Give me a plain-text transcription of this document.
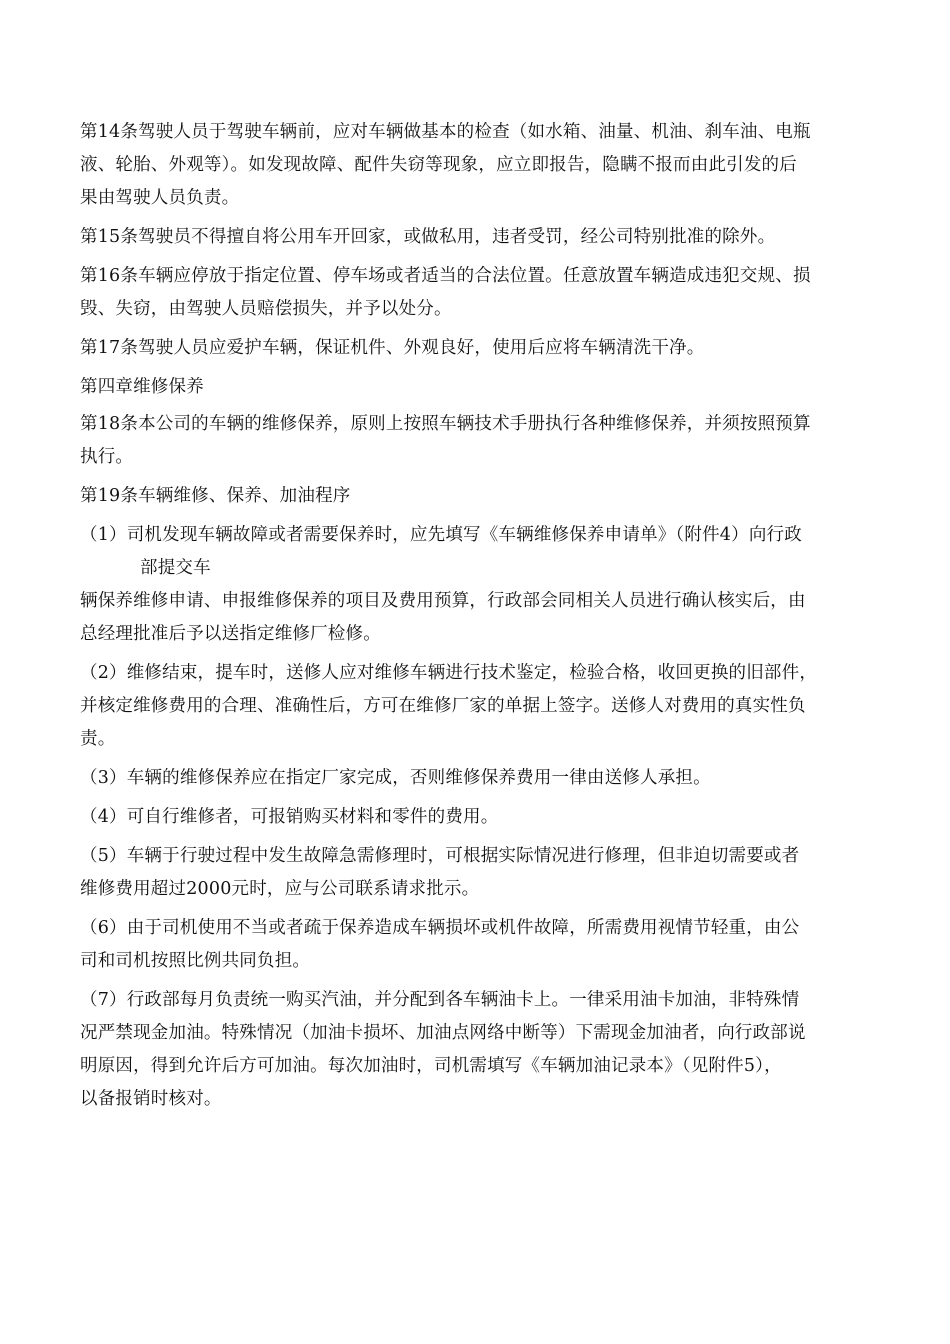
第14条驾驶人员于驾驶车辆前，应对车辆做基本的检查（如水箱、油量、机油、刹车油、电瓶
液、轮胎、外观等）。如发现故障、配件失窃等现象，应立即报告，隐瞒不报而由此引发的后
果由驾驶人员负责。

第15条驾驶员不得擅自将公用车开回家，或做私用，违者受罚，经公司特别批准的除外。

第16条车辆应停放于指定位置、停车场或者适当的合法位置。任意放置车辆造成违犯交规、损
毁、失窃，由驾驶人员赔偿损失，并予以处分。

第17条驾驶人员应爱护车辆，保证机件、外观良好，使用后应将车辆清洗干净。

第四章维修保养

第18条本公司的车辆的维修保养，原则上按照车辆技术手册执行各种维修保养，并须按照预算
执行。

第19条车辆维修、保养、加油程序

（1）司机发现车辆故障或者需要保养时，应先填写《车辆维修保养申请单》（附件4）向行政
部提交车

辆保养维修申请、申报维修保养的项目及费用预算，行政部会同相关人员进行确认核实后，由
总经理批准后予以送指定维修厂检修。

（2）维修结束，提车时，送修人应对维修车辆进行技术鉴定，检验合格，收回更换的旧部件，
并核定维修费用的合理、准确性后，方可在维修厂家的单据上签字。送修人对费用的真实性负
责。

（3）车辆的维修保养应在指定厂家完成，否则维修保养费用一律由送修人承担。

（4）可自行维修者，可报销购买材料和零件的费用。

（5）车辆于行驶过程中发生故障急需修理时，可根据实际情况进行修理，但非迫切需要或者
维修费用超过2000元时，应与公司联系请求批示。

（6）由于司机使用不当或者疏于保养造成车辆损坏或机件故障，所需费用视情节轻重，由公
司和司机按照比例共同负担。

（7）行政部每月负责统一购买汽油，并分配到各车辆油卡上。一律采用油卡加油，非特殊情
况严禁现金加油。特殊情况（加油卡损坏、加油点网络中断等）下需现金加油者，向行政部说
明原因，得到允许后方可加油。每次加油时，司机需填写《车辆加油记录本》（见附件5），
以备报销时核对。
